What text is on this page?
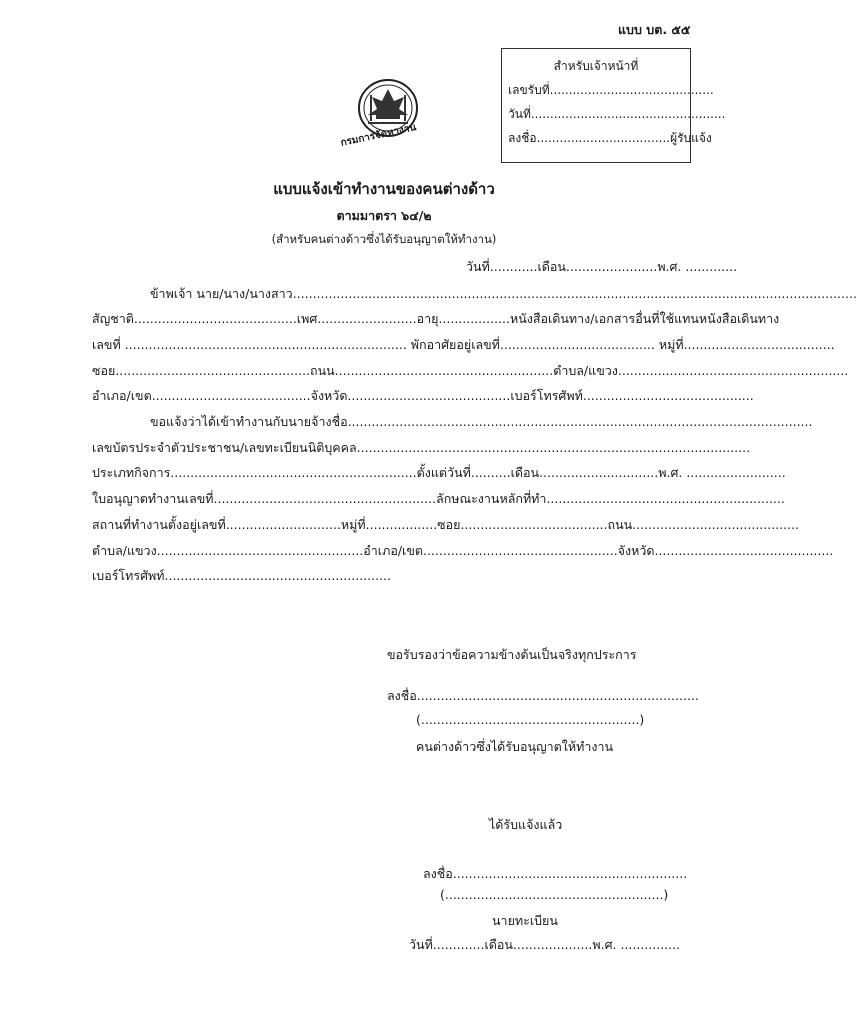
แบบ บต. ๕๕
สำหรับเจ้าหน้าที่
เลขรับที่...........................................
วันที่...................................................
ลงชื่อ...................................ผู้รับแจ้ง
กรมการจัดหางาน
แบบแจ้งเข้าทำงานของคนต่างด้าว
ตามมาตรา ๖๔/๒
(สำหรับคนต่างด้าวซึ่งได้รับอนุญาตให้ทำงาน)
วันที่............เดือน.......................พ.ศ. .............
ข้าพเจ้า นาย/นาง/นางสาว..............................................................................................................................................
สัญชาติ.........................................เพศ.........................อายุ..................หนังสือเดินทาง/เอกสารอื่นที่ใช้แทนหนังสือเดินทาง
เลขที่ ....................................................................... พักอาศัยอยู่เลขที่....................................... หมู่ที่......................................
ซอย.................................................ถนน.......................................................ตำบล/แขวง..........................................................
อำเภอ/เขต........................................จังหวัด.........................................เบอร์โทรศัพท์...........................................
ขอแจ้งว่าได้เข้าทำงานกับนายจ้างชื่อ.....................................................................................................................
เลขบัตรประจำตัวประชาชน/เลขทะเบียนนิติบุคคล...................................................................................................
ประเภทกิจการ..............................................................ตั้งแต่วันที่..........เดือน..............................พ.ศ. .........................
ใบอนุญาตทำงานเลขที่........................................................ลักษณะงานหลักที่ทำ............................................................
สถานที่ทำงานตั้งอยู่เลขที่.............................หมู่ที่..................ซอย.....................................ถนน..........................................
ตำบล/แขวง....................................................อำเภอ/เขต.................................................จังหวัด.............................................
เบอร์โทรศัพท์.........................................................
ขอรับรองว่าข้อความข้างต้นเป็นจริงทุกประการ
ลงชื่อ.......................................................................
(.......................................................)
คนต่างด้าวซึ่งได้รับอนุญาตให้ทำงาน
ได้รับแจ้งแล้ว
ลงชื่อ...........................................................
(.......................................................)
นายทะเบียน
วันที่.............เดือน....................พ.ศ. ...............
